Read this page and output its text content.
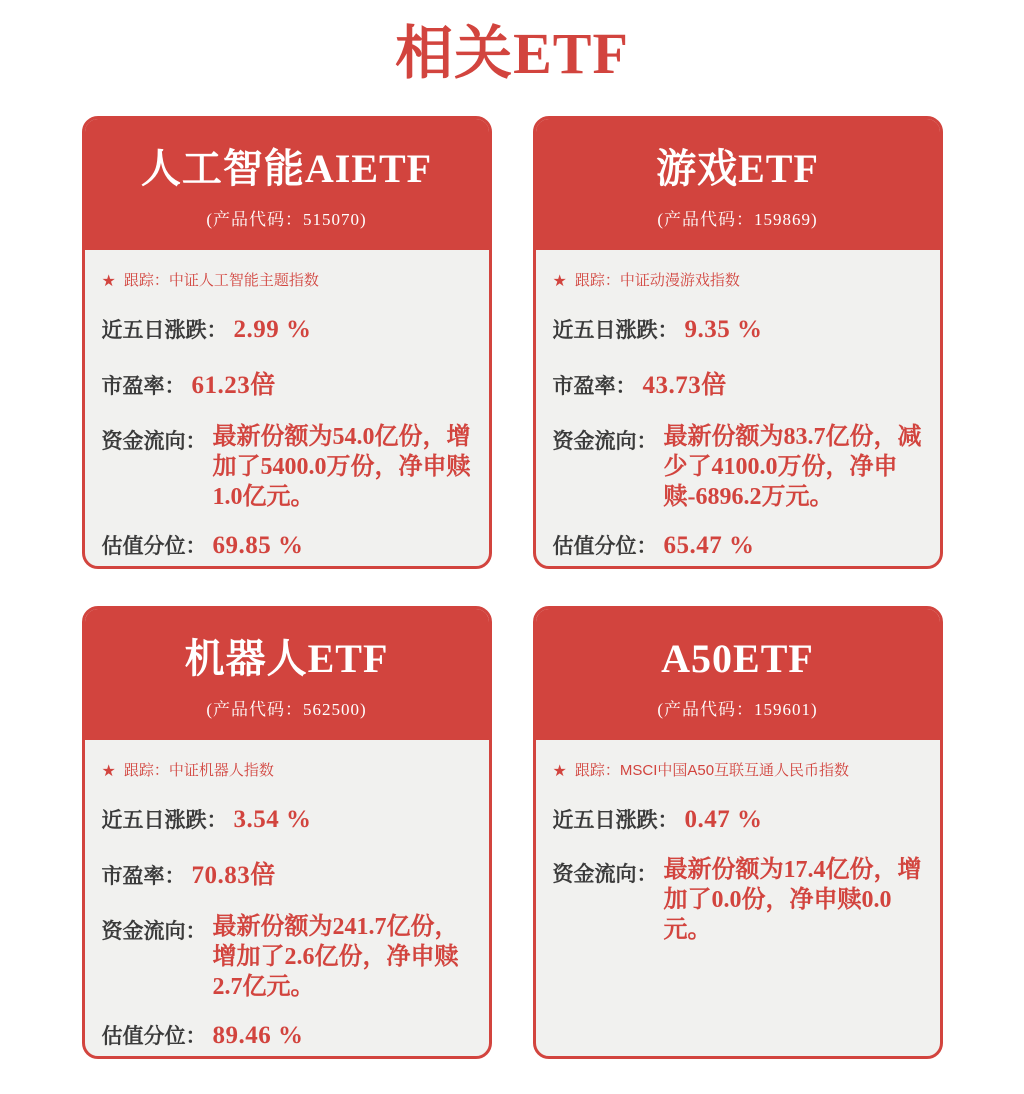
相关ETF
人工智能AIETF
(产品代码：515070)
★ 跟踪： 中证人工智能主题指数
近五日涨跌： 2.99 %
市盈率： 61.23倍
资金流向： 最新份额为54.0亿份，增加了5400.0万份，净申赎1.0亿元。
估值分位： 69.85 %
游戏ETF
(产品代码：159869)
★ 跟踪： 中证动漫游戏指数
近五日涨跌： 9.35 %
市盈率： 43.73倍
资金流向： 最新份额为83.7亿份，减少了4100.0万份，净申赎-6896.2万元。
估值分位： 65.47 %
机器人ETF
(产品代码：562500)
★ 跟踪： 中证机器人指数
近五日涨跌： 3.54 %
市盈率： 70.83倍
资金流向： 最新份额为241.7亿份，增加了2.6亿份，净申赎2.7亿元。
估值分位： 89.46 %
A50ETF
(产品代码：159601)
★ 跟踪： MSCI中国A50互联互通人民币指数
近五日涨跌： 0.47 %
资金流向： 最新份额为17.4亿份，增加了0.0份，净申赎0.0元。
